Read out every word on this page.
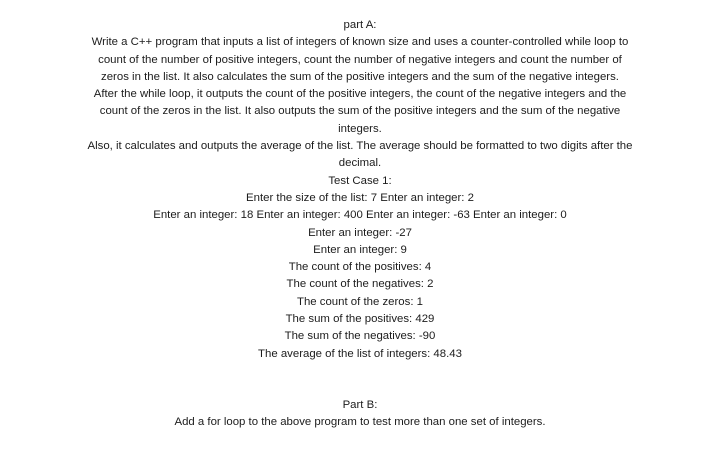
part A:

Write a C++ program that inputs a list of integers of known size and uses a counter-controlled while loop to count of the number of positive integers, count the number of negative integers and count the number of zeros in the list. It also calculates the sum of the positive integers and the sum of the negative integers.

After the while loop, it outputs the count of the positive integers, the count of the negative integers and the count of the zeros in the list. It also outputs the sum of the positive integers and the sum of the negative integers.

Also, it calculates and outputs the average of the list. The average should be formatted to two digits after the decimal.

Test Case 1:

Enter the size of the list: 7 Enter an integer: 2

Enter an integer: 18 Enter an integer: 400 Enter an integer: -63 Enter an integer: 0

Enter an integer: -27

Enter an integer: 9

The count of the positives: 4

The count of the negatives: 2

The count of the zeros: 1

The sum of the positives: 429

The sum of the negatives: -90

The average of the list of integers: 48.43

Part B:

Add a for loop to the above program to test more than one set of integers.
